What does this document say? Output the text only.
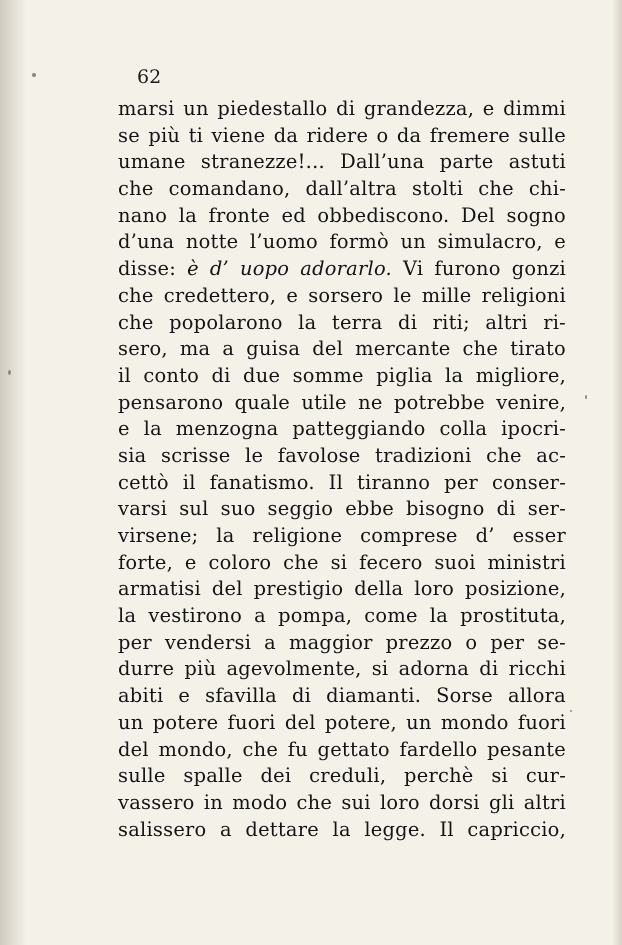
62
marsi un piedestallo di grandezza, e dimmi
se più ti viene da ridere o da fremere sulle
umane stranezze!... Dall’una parte astuti
che comandano, dall’altra stolti che chi-
nano la fronte ed obbediscono. Del sogno
d’una notte l’uomo formò un simulacro, e
disse: è d’ uopo adorarlo. Vi furono gonzi
che credettero, e sorsero le mille religioni
che popolarono la terra di riti; altri ri-
sero, ma a guisa del mercante che tirato
il conto di due somme piglia la migliore,
pensarono quale utile ne potrebbe venire,
e la menzogna patteggiando colla ipocri-
sia scrisse le favolose tradizioni che ac-
cettò il fanatismo. Il tiranno per conser-
varsi sul suo seggio ebbe bisogno di ser-
virsene; la religione comprese d’ esser
forte, e coloro che si fecero suoi ministri
armatisi del prestigio della loro posizione,
la vestirono a pompa, come la prostituta,
per vendersi a maggior prezzo o per se-
durre più agevolmente, si adorna di ricchi
abiti e sfavilla di diamanti. Sorse allora
un potere fuori del potere, un mondo fuori
del mondo, che fu gettato fardello pesante
sulle spalle dei creduli, perchè si cur-
vassero in modo che sui loro dorsi gli altri
salissero a dettare la legge. Il capriccio,
